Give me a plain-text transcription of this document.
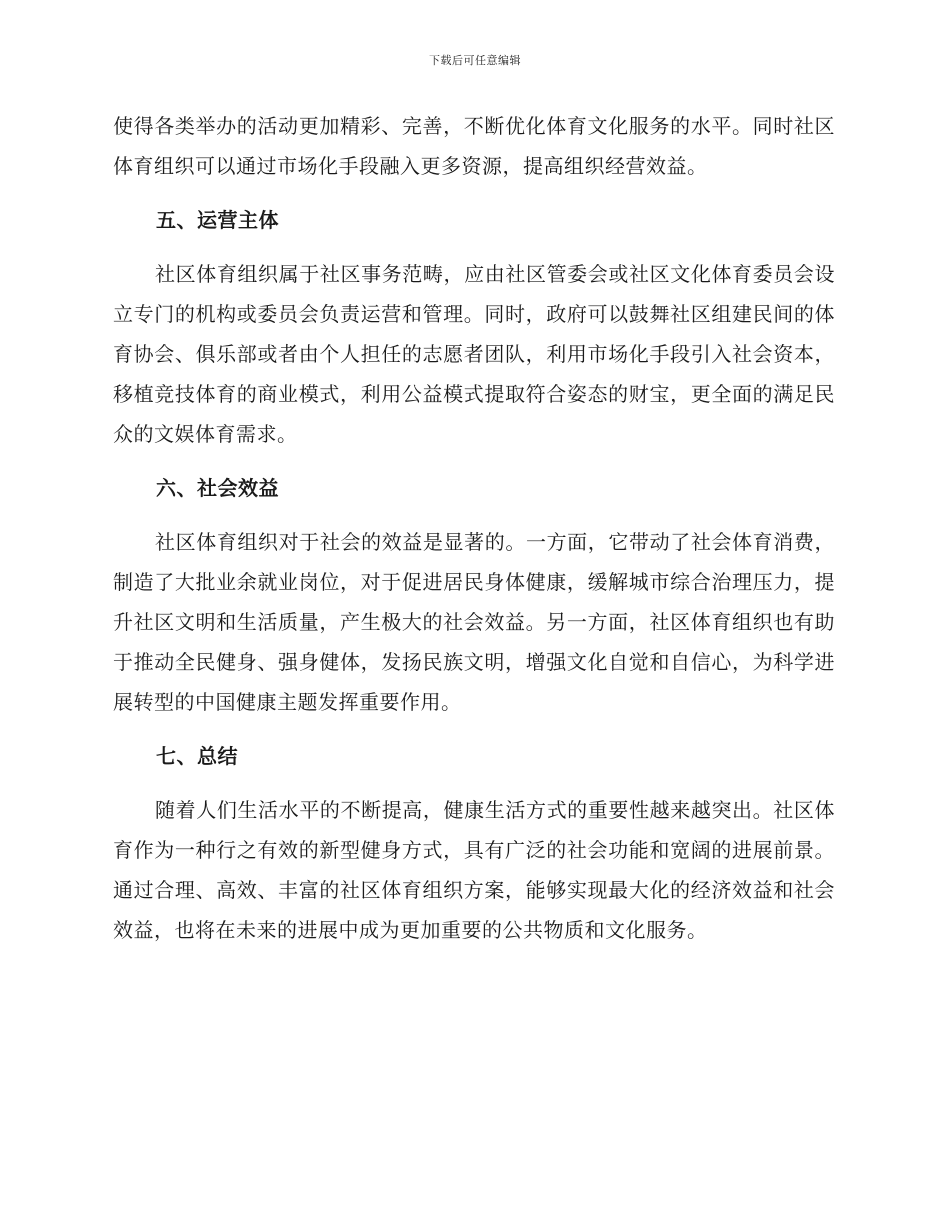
下载后可任意编辑

使得各类举办的活动更加精彩、完善，不断优化体育文化服务的水平。同时社区体育组织可以通过市场化手段融入更多资源，提高组织经营效益。

五、运营主体

社区体育组织属于社区事务范畴，应由社区管委会或社区文化体育委员会设立专门的机构或委员会负责运营和管理。同时，政府可以鼓舞社区组建民间的体育协会、俱乐部或者由个人担任的志愿者团队，利用市场化手段引入社会资本，移植竞技体育的商业模式，利用公益模式提取符合姿态的财宝，更全面的满足民众的文娱体育需求。

六、社会效益

社区体育组织对于社会的效益是显著的。一方面，它带动了社会体育消费，制造了大批业余就业岗位，对于促进居民身体健康，缓解城市综合治理压力，提升社区文明和生活质量，产生极大的社会效益。另一方面，社区体育组织也有助于推动全民健身、强身健体，发扬民族文明，增强文化自觉和自信心，为科学进展转型的中国健康主题发挥重要作用。

七、总结

随着人们生活水平的不断提高，健康生活方式的重要性越来越突出。社区体育作为一种行之有效的新型健身方式，具有广泛的社会功能和宽阔的进展前景。通过合理、高效、丰富的社区体育组织方案，能够实现最大化的经济效益和社会效益，也将在未来的进展中成为更加重要的公共物质和文化服务。
